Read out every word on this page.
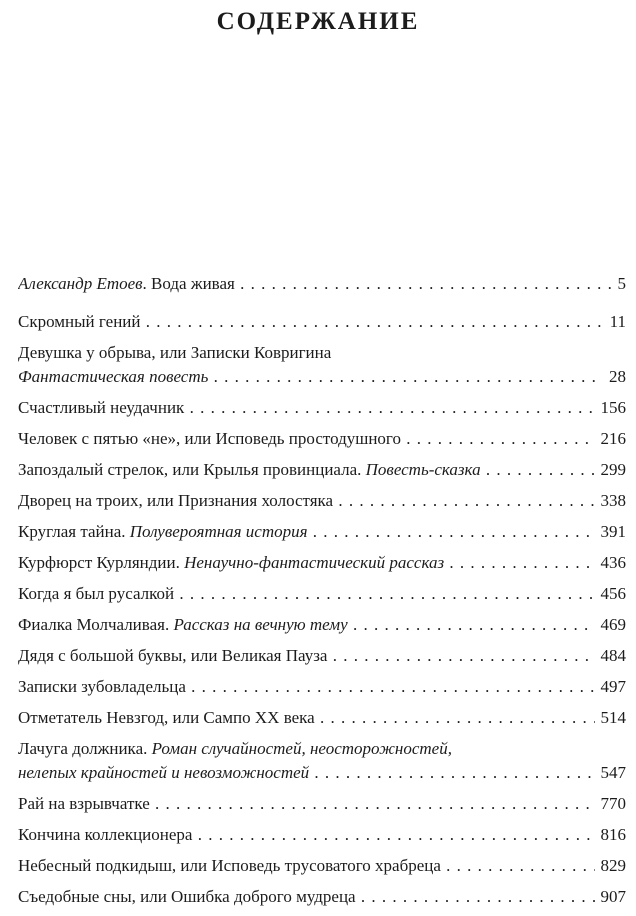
СОДЕРЖАНИЕ
Александр Етоев. Вода живая . . .	5
Скромный гений . . .	11
Девушка у обрыва, или Записки Ковригина
Фантастическая повесть . . .	28
Счастливый неудачник . . .	156
Человек с пятью «не», или Исповедь простодушного . . .	216
Запоздалый стрелок, или Крылья провинциала. Повесть-сказка . . .	299
Дворец на троих, или Признания холостяка . . .	338
Круглая тайна. Полувероятная история . . .	391
Курфюрст Курляндии. Ненаучно-фантастический рассказ . . .	436
Когда я был русалкой . . .	456
Фиалка Молчаливая. Рассказ на вечную тему . . .	469
Дядя с большой буквы, или Великая Пауза . . .	484
Записки зубовладельца . . .	497
Отметатель Невзгод, или Сампо XX века . . .	514
Лачуга должника. Роман случайностей, неосторожностей,
нелепых крайностей и невозможностей . . .	547
Рай на взрывчатке . . .	770
Кончина коллекционера . . .	816
Небесный подкидыш, или Исповедь трусоватого храбреца . . .	829
Съедобные сны, или Ошибка доброго мудреца . . .	907
